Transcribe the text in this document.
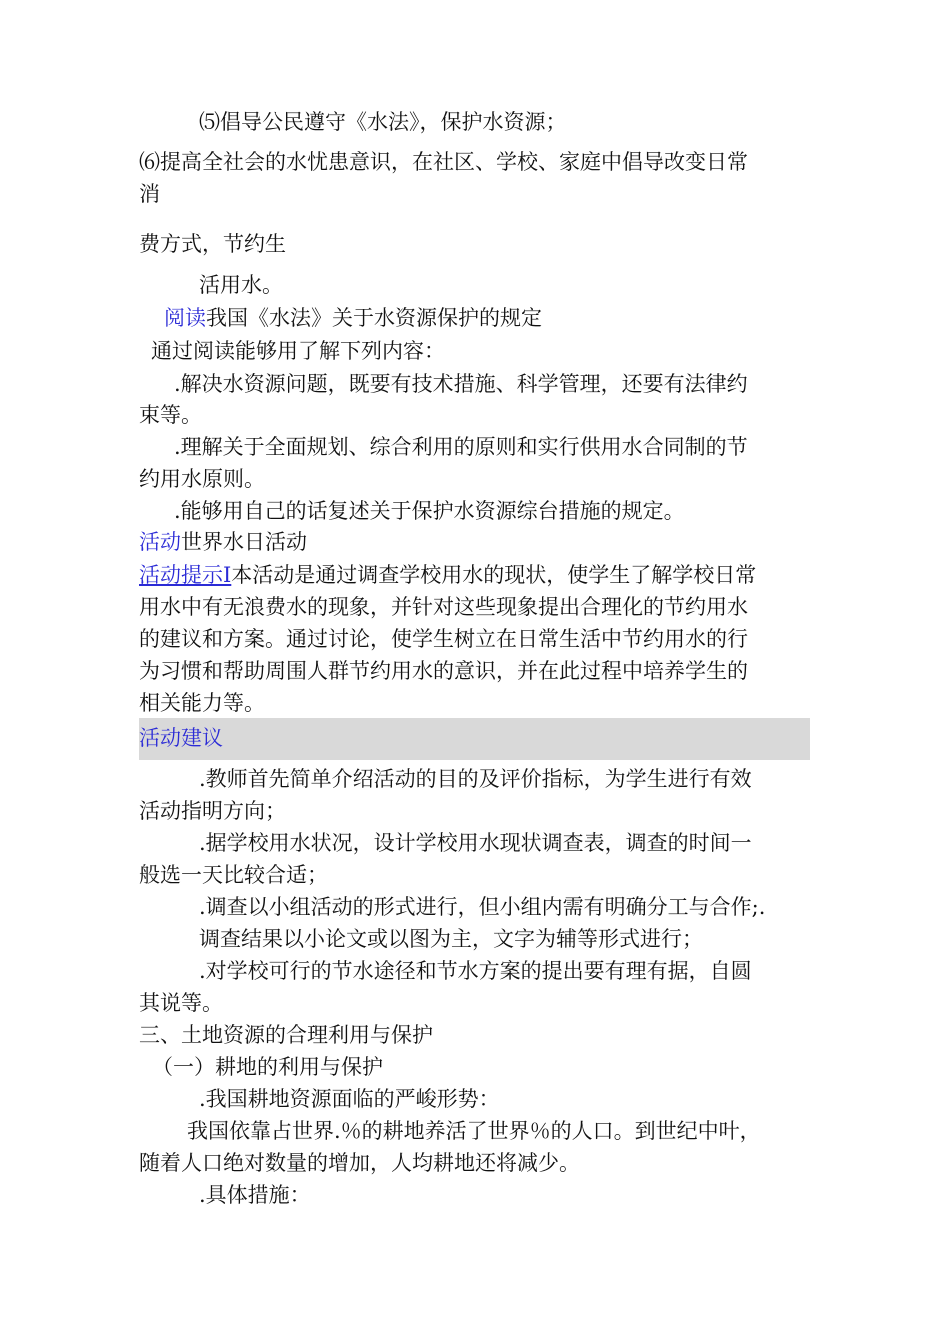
⑸倡导公民遵守《水法》，保护水资源；
⑹提高全社会的水忧患意识，在社区、学校、家庭中倡导改变日常
消
费方式，节约生
活用水。
阅读我国《水法》关于水资源保护的规定
通过阅读能够用了解下列内容：
.解决水资源问题，既要有技术措施、科学管理，还要有法律约
束等。
.理解关于全面规划、综合利用的原则和实行供用水合同制的节
约用水原则。
.能够用自己的话复述关于保护水资源综台措施的规定。
活动世界水日活动
活动提示I本活动是通过调查学校用水的现状，使学生了解学校日常
用水中有无浪费水的现象，并针对这些现象提出合理化的节约用水
的建议和方案。通过讨论，使学生树立在日常生活中节约用水的行
为习惯和帮助周围人群节约用水的意识，并在此过程中培养学生的
相关能力等。
活动建议
.教师首先简单介绍活动的目的及评价指标，为学生进行有效
活动指明方向；
.据学校用水状况，设计学校用水现状调查表，调查的时间一
般选一天比较合适；
.调查以小组活动的形式进行，但小组内需有明确分工与合作;.
调查结果以小论文或以图为主，文字为辅等形式进行；
.对学校可行的节水途径和节水方案的提出要有理有据，自圆
其说等。
三、土地资源的合理利用与保护
（一）耕地的利用与保护
.我国耕地资源面临的严峻形势：
我国依靠占世界.％的耕地养活了世界％的人口。到世纪中叶，
随着人口绝对数量的增加，人均耕地还将减少。
.具体措施：
